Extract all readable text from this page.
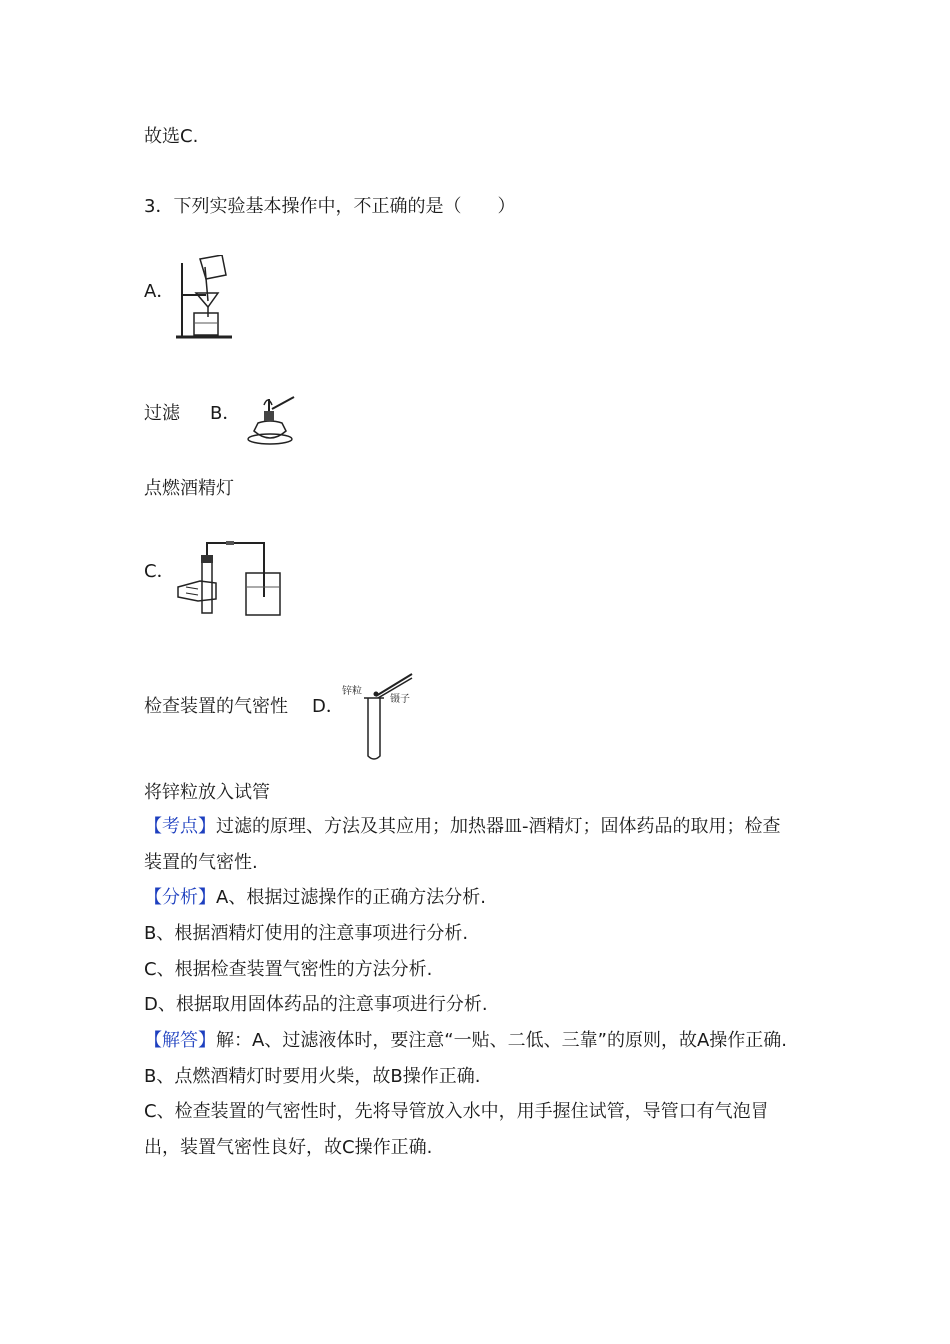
故选C.
3．下列实验基本操作中，不正确的是（　　）
A．
过滤 B．
点燃酒精灯
C．
检查装置的气密性 D．
锌粒
镊子
将锌粒放入试管
【考点】过滤的原理、方法及其应用；加热器皿-酒精灯；固体药品的取用；检查
装置的气密性.
【分析】A、根据过滤操作的正确方法分析.
B、根据酒精灯使用的注意事项进行分析.
C、根据检查装置气密性的方法分析.
D、根据取用固体药品的注意事项进行分析.
【解答】解：A、过滤液体时，要注意“一贴、二低、三靠”的原则，故A操作正确.
B、点燃酒精灯时要用火柴，故B操作正确.
C、检查装置的气密性时，先将导管放入水中，用手握住试管，导管口有气泡冒
出，装置气密性良好，故C操作正确.
